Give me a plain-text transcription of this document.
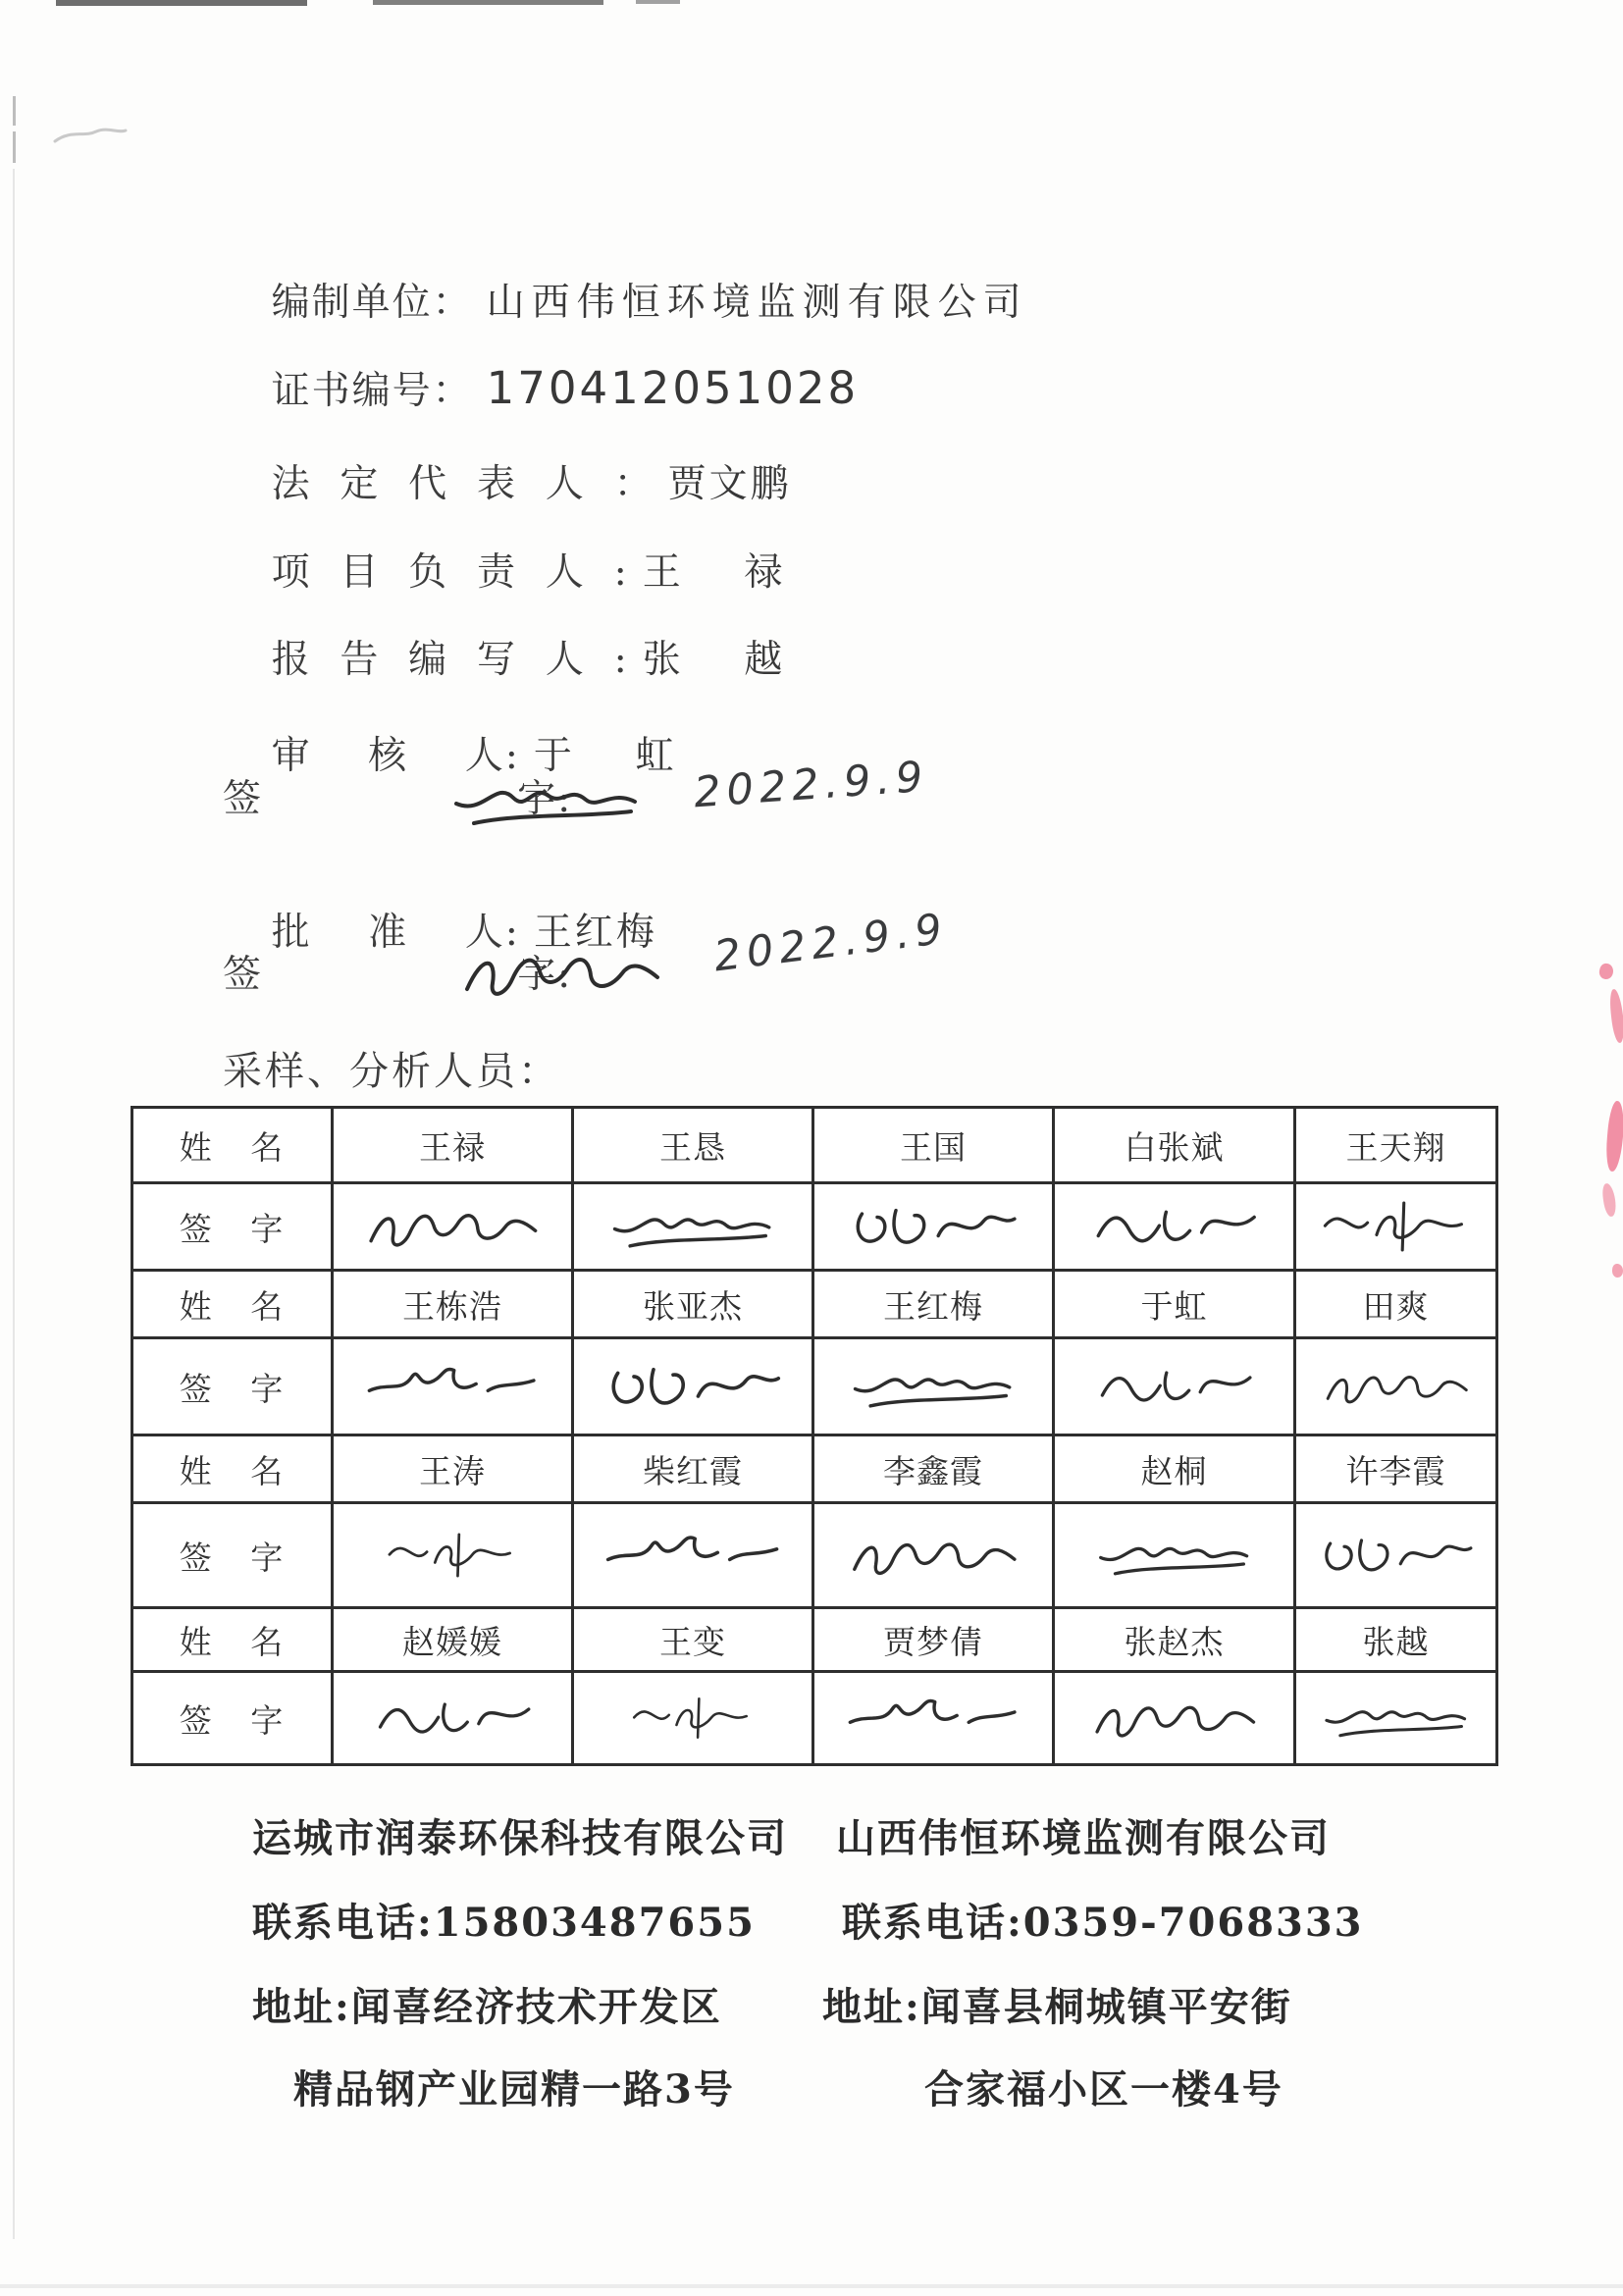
编制单位： 山西伟恒环境监测有限公司

证书编号： 170412051028

法  定  代  表  人  ： 贾文鹏

项  目  负  责  人  : 王    禄

报  告  编  写  人  : 张    越

审    核    人: 于    虹

签                  字:	2022.9.9

批    准    人: 王红梅

签                  字:	2022.9.9
采样、分析人员：
姓   名	王禄	王恳	王国	白张斌	王天翔
签   字
姓   名	王栋浩	张亚杰	王红梅	于虹	田爽
签   字
姓   名	王涛	柴红霞	李鑫霞	赵桐	许李霞
签   字
姓   名	赵媛媛	王变	贾梦倩	张赵杰	张越
签   字
运城市润泰环保科技有限公司 山西伟恒环境监测有限公司
联系电话:15803487655 联系电话:0359-7068333
地址:闻喜经济技术开发区	地址:闻喜县桐城镇平安街
精品钢产业园精一路3号	合家福小区一楼4号
